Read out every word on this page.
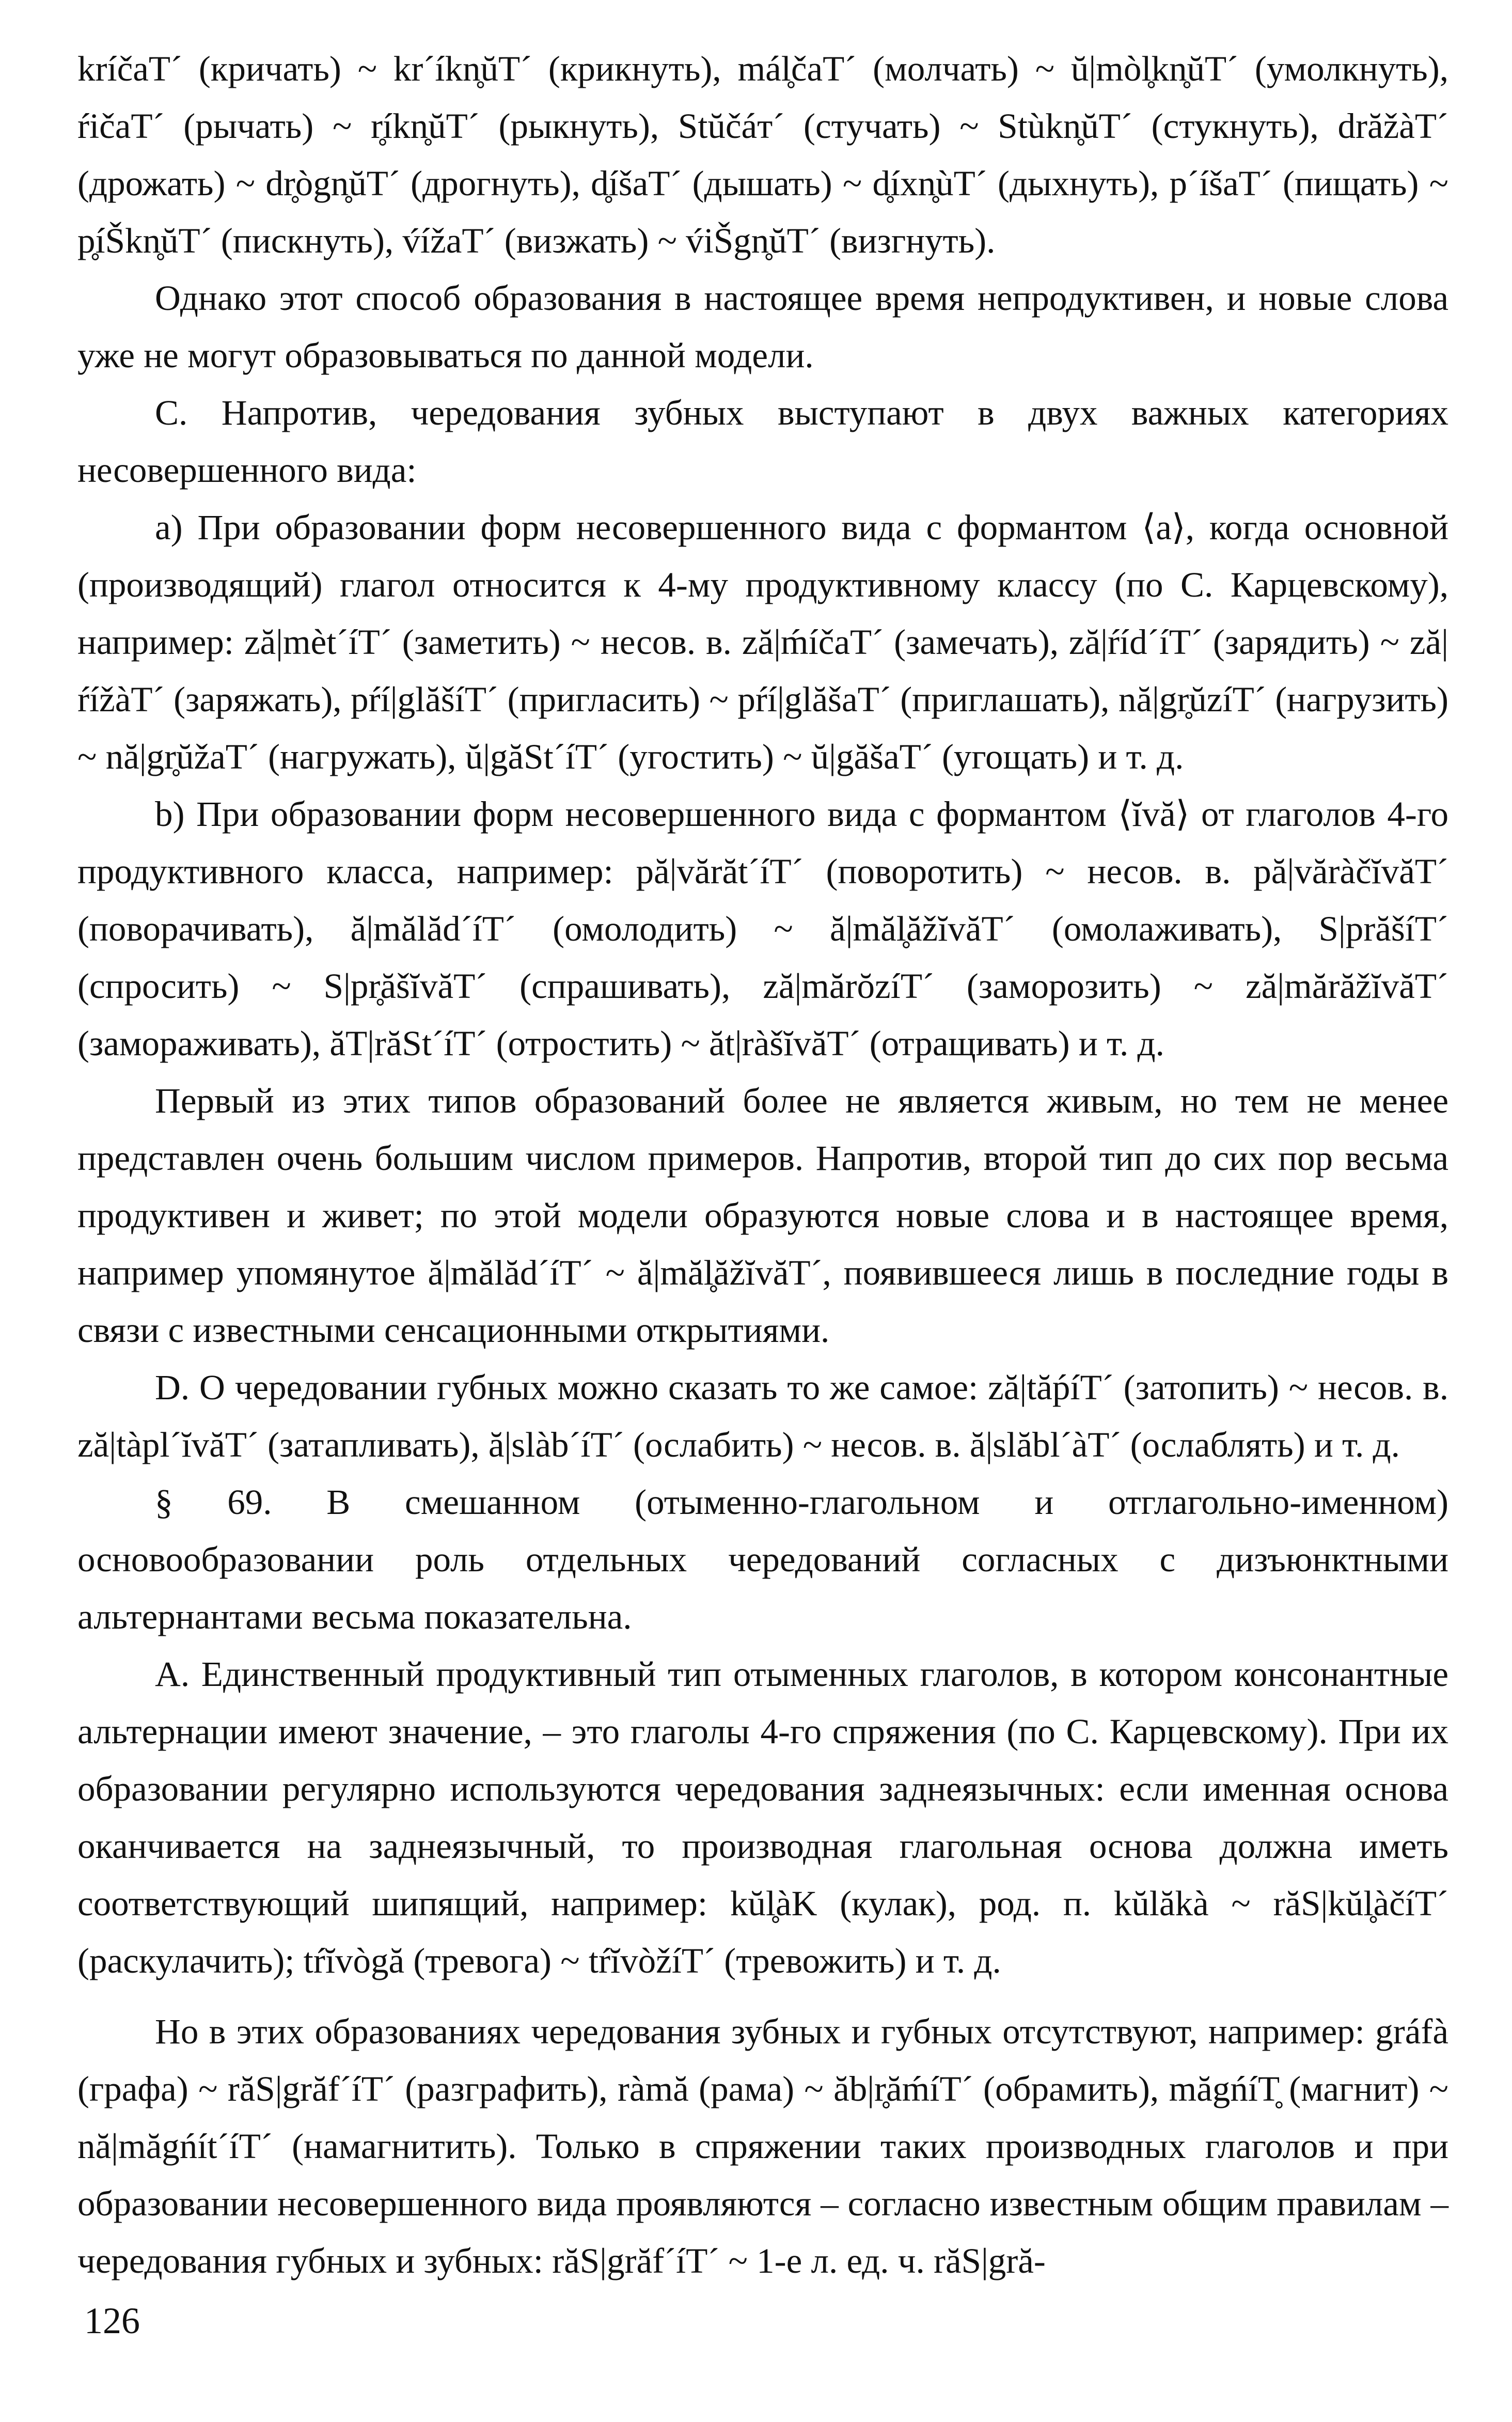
kríčaT´ (кричать) ~ kr´íkn̥ŭT´ (крикнуть), mál̥čaT´ (молчать) ~ ŭ|mòl̥kn̥ŭT´ (умолкнуть), ŕičaT´ (рычать) ~ r̥íkn̥ŭT´ (рыкнуть), Stŭčáт´ (стучать) ~ Stùkn̥ŭT´ (стукнуть), drăžàT´ (дрожать) ~ dr̥ògn̥ŭT´ (дрогнуть), d̥íšaT´ (дышать) ~ d̥íxn̥ùT´ (дыхнуть), p´íšaT´ (пищать) ~ p̥íŠkn̥ŭT´ (пискнуть), v́ížaT´ (визжать) ~ v́iŠgn̥ŭT´ (визгнуть).

Однако этот способ образования в настоящее время непродуктивен, и новые слова уже не могут образовываться по данной модели.

C. Напротив, чередования зубных выступают в двух важных категориях несовершенного вида:

a) При образовании форм несовершенного вида с формантом ⟨a⟩, когда основной (производящий) глагол относится к 4-му продуктивному классу (по С. Карцевскому), например: ză|mèt´íT´ (заметить) ~ несов. в. ză|ḿíčaT´ (замечать), ză|ŕíd´íT´ (зарядить) ~ ză|ŕížàT´ (заряжать), pŕí|glăšíT´ (пригласить) ~ pŕí|glăšaT´ (приглашать), nă|gr̥ŭzíT´ (нагрузить) ~ nă|gr̥ŭžaT´ (нагружать), ŭ|găSt´íT´ (угостить) ~ ŭ|găšaT´ (угощать) и т. д.

b) При образовании форм несовершенного вида с формантом ⟨ĭvă⟩ от глаголов 4-го продуктивного класса, например: pă|vărăt´íT´ (поворотить) ~ несов. в. pă|văràčĭvăT´ (поворачивать), ă|mălăd´íT´ (омолодить) ~ ă|măl̥ăžĭvăT´ (омолаживать), S|prăšíT´ (спросить) ~ S|pr̥ăšĭvăT´ (спрашивать), ză|mărŏzíT´ (заморозить) ~ ză|mărăžĭvăT´ (замораживать), ăT|răSt´íT´ (отростить) ~ ăt|ràšĭvăT´ (отращивать) и т. д.

Первый из этих типов образований более не является живым, но тем не менее представлен очень большим числом примеров. Напротив, второй тип до сих пор весьма продуктивен и живет; по этой модели образуются новые слова и в настоящее время, например упомянутое ă|mălăd´íT´ ~ ă|măl̥ăžĭvăT´, появившееся лишь в последние годы в связи с известными сенсационными открытиями.

D. О чередовании губных можно сказать то же самое: ză|tăṕíT´ (затопить) ~ несов. в. ză|tàpl´ĭvăT´ (затапливать), ă|slàb´íT´ (ослабить) ~ несов. в. ă|slăbl´àT´ (ослаблять) и т. д.

§ 69. В смешанном (отыменно-глагольном и отглагольно-именном) основообразовании роль отдельных чередований согласных с дизъюнктными альтернантами весьма показательна.

A. Единственный продуктивный тип отыменных глаголов, в котором консонантные альтернации имеют значение, – это глаголы 4-го спряжения (по С. Карцевскому). При их образовании регулярно используются чередования заднеязычных: если именная основа оканчивается на заднеязычный, то производная глагольная основа должна иметь соответствующий шипящий, например: kŭl̥àK (кулак), род. п. kŭlăkà ~ răS|kŭl̥àčíT´ (раскулачить); tŕĭvògă (тревога) ~ tŕĭvòžíT´ (тревожить) и т. д.

Но в этих образованиях чередования зубных и губных отсутствуют, например: gráfà (графа) ~ răS|grăf´íT´ (разграфить), ràmă (рама) ~ ăb|r̥ăḿíT´ (обрамить), măgńíT̥ (магнит) ~ nă|măgńít´íT´ (намагнитить). Только в спряжении таких производных глаголов и при образовании несовершенного вида проявляются – согласно известным общим правилам – чередования губных и зубных: răS|grăf´íT´ ~ 1-е л. ед. ч. răS|gră-

126
